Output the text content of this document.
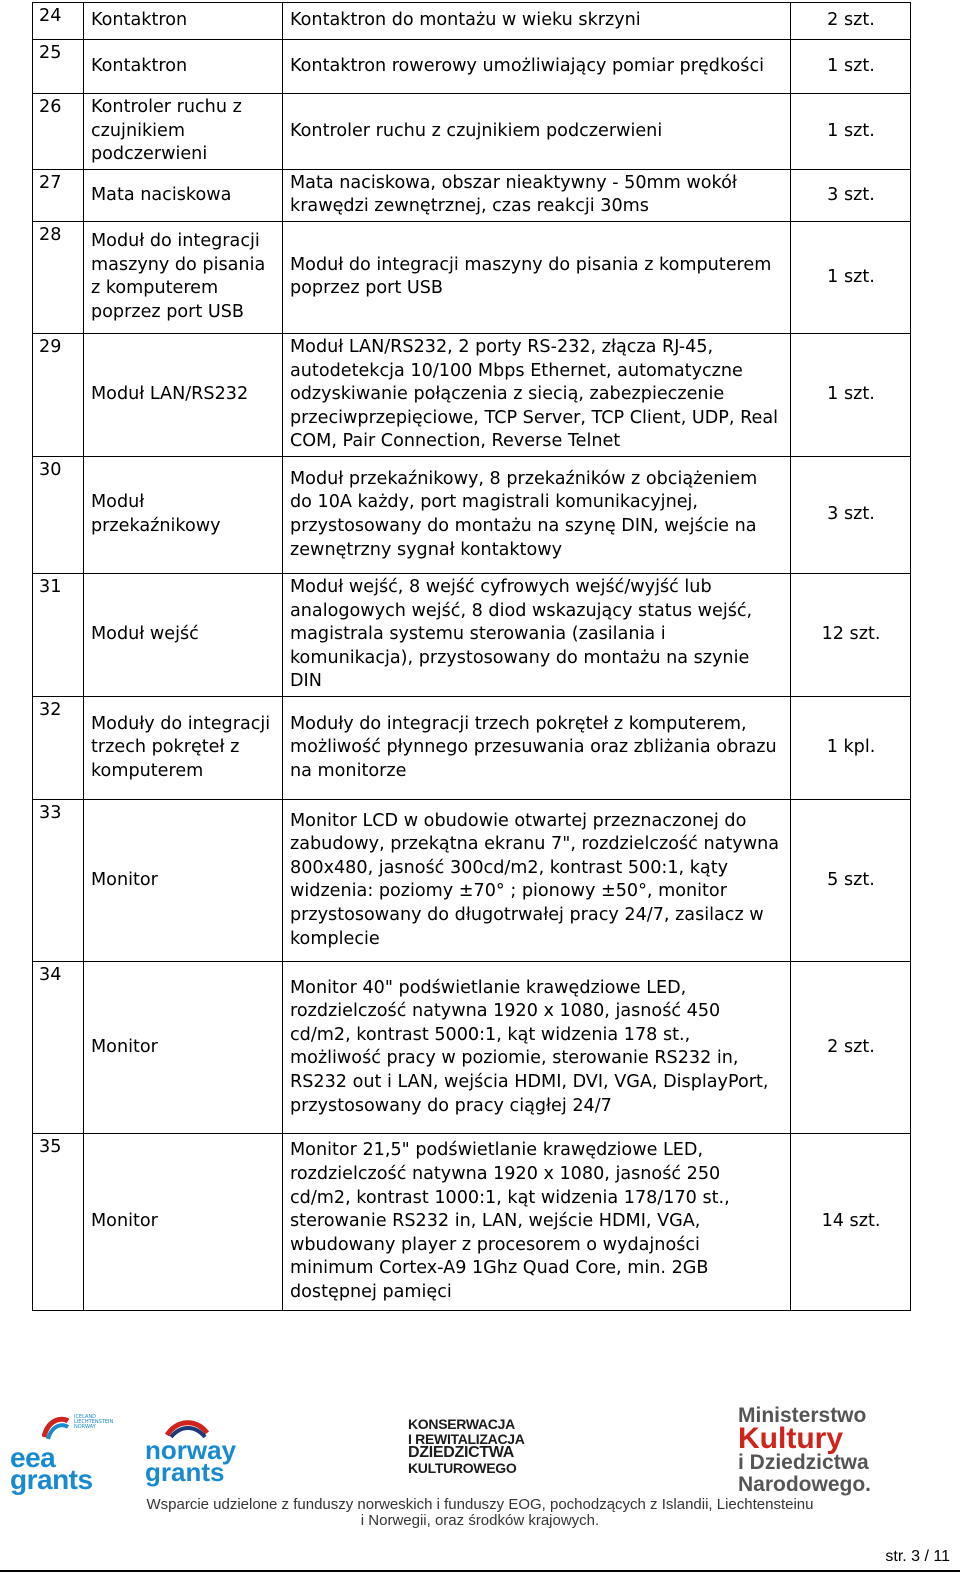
24	Kontaktron	Kontaktron do montażu w wieku skrzyni	2 szt.
25	Kontaktron	Kontaktron rowerowy umożliwiający pomiar prędkości	1 szt.
26	Kontroler ruchu z czujnikiem podczerwieni	Kontroler ruchu z czujnikiem podczerwieni	1 szt.
27	Mata naciskowa	Mata naciskowa, obszar nieaktywny - 50mm wokół krawędzi zewnętrznej, czas reakcji 30ms	3 szt.
28	Moduł do integracji maszyny do pisania z komputerem poprzez port USB	Moduł do integracji maszyny do pisania z komputerem poprzez port USB	1 szt.
29	Moduł LAN/RS232	Moduł LAN/RS232, 2 porty RS-232, złącza RJ-45, autodetekcja 10/100 Mbps Ethernet, automatyczne odzyskiwanie połączenia z siecią, zabezpieczenie przeciwprzepięciowe, TCP Server, TCP Client, UDP, Real COM, Pair Connection, Reverse Telnet	1 szt.
30	Moduł przekaźnikowy	Moduł przekaźnikowy, 8 przekaźników z obciążeniem do 10A każdy, port magistrali komunikacyjnej, przystosowany do montażu na szynę DIN, wejście na zewnętrzny sygnał kontaktowy	3 szt.
31	Moduł wejść	Moduł wejść, 8 wejść cyfrowych wejść/wyjść lub analogowych wejść, 8 diod wskazujący status wejść, magistrala systemu sterowania (zasilania i komunikacja), przystosowany do montażu na szynie DIN	12 szt.
32	Moduły do integracji trzech pokręteł z komputerem	Moduły do integracji trzech pokręteł z komputerem, możliwość płynnego przesuwania oraz zbliżania obrazu na monitorze	1 kpl.
33	Monitor	Monitor LCD w obudowie otwartej przeznaczonej do zabudowy, przekątna ekranu 7", rozdzielczość natywna 800x480, jasność 300cd/m2, kontrast 500:1, kąty widzenia: poziomy ±70° ; pionowy ±50°, monitor przystosowany do długotrwałej pracy 24/7, zasilacz w komplecie	5 szt.
34	Monitor	Monitor 40" podświetlanie krawędziowe LED, rozdzielczość natywna 1920 x 1080, jasność 450 cd/m2, kontrast 5000:1, kąt widzenia 178 st., możliwość pracy w poziomie, sterowanie RS232 in, RS232 out i LAN, wejścia HDMI, DVI, VGA, DisplayPort, przystosowany do pracy ciągłej 24/7	2 szt.
35	Monitor	Monitor 21,5" podświetlanie krawędziowe LED, rozdzielczość natywna 1920 x 1080, jasność 250 cd/m2, kontrast 1000:1, kąt widzenia 178/170 st., sterowanie RS232 in, LAN, wejście HDMI, VGA, wbudowany player z procesorem o wydajności minimum Cortex-A9 1Ghz Quad Core, min. 2GB dostępnej pamięci	14 szt.
ICELAND LIECHTENSTEIN NORWAY
eea grants
norway grants
KONSERWACJA
I REWITALIZACJA
DZIEDZICTWA
KULTUROWEGO
Ministerstwo
Kultury
i Dziedzictwa
Narodowego.
Wsparcie udzielone z funduszy norweskich i funduszy EOG, pochodzących z Islandii, Liechtensteinu
i Norwegii, oraz środków krajowych.
str. 3 / 11
